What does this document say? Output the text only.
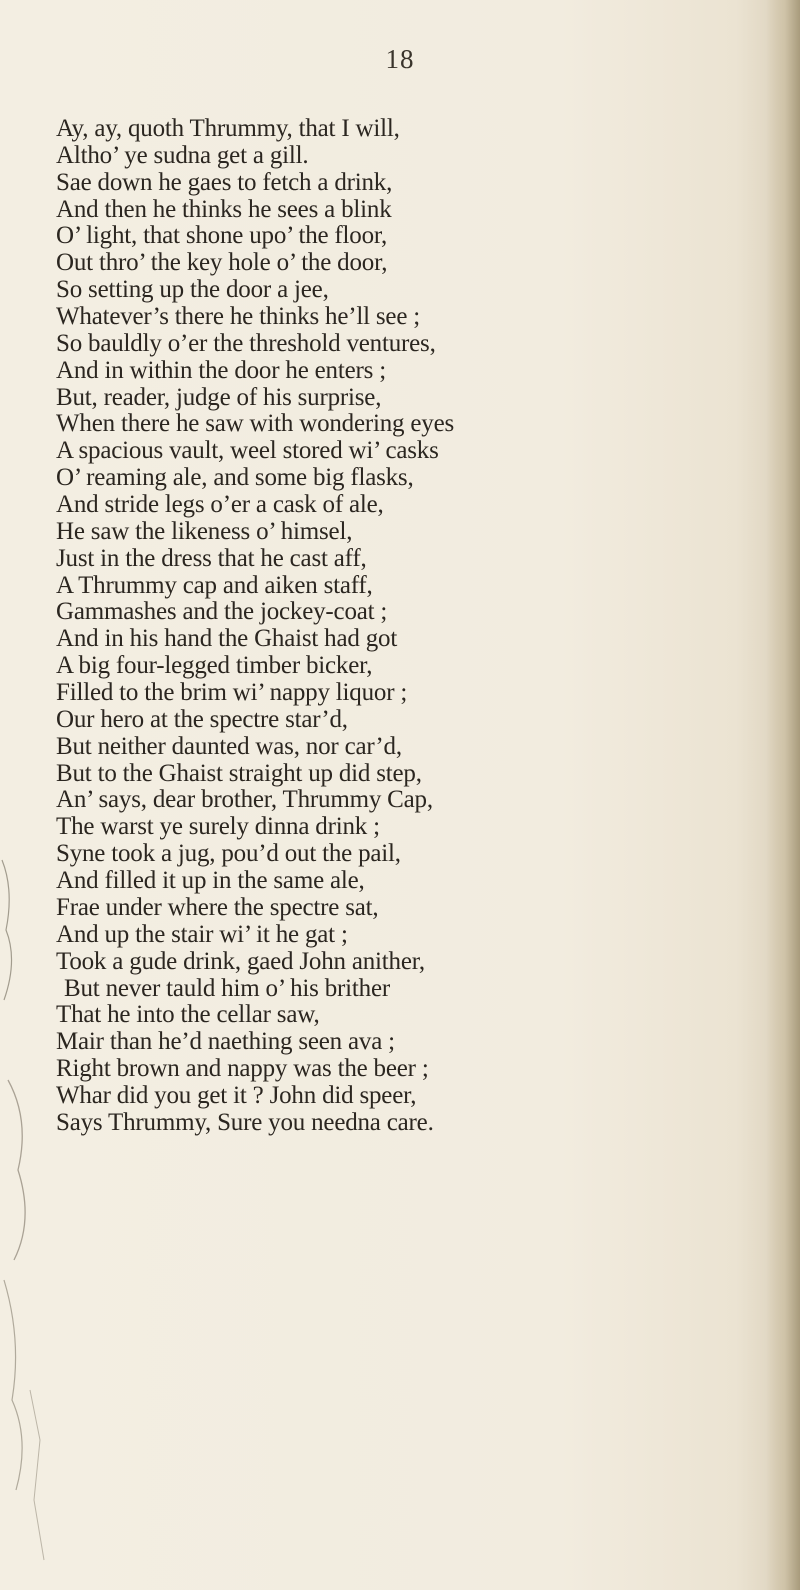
18
Ay, ay, quoth Thrummy, that I will,
Altho’ ye sudna get a gill.
Sae down he gaes to fetch a drink,
And then he thinks he sees a blink
O’ light, that shone upo’ the floor,
Out thro’ the key hole o’ the door,
So setting up the door a jee,
Whatever’s there he thinks he’ll see ;
So bauldly o’er the threshold ventures,
And in within the door he enters ;
But, reader, judge of his surprise,
When there he saw with wondering eyes
A spacious vault, weel stored wi’ casks
O’ reaming ale, and some big flasks,
And stride legs o’er a cask of ale,
He saw the likeness o’ himsel,
Just in the dress that he cast aff,
A Thrummy cap and aiken staff,
Gammashes and the jockey-coat ;
And in his hand the Ghaist had got
A big four-legged timber bicker,
Filled to the brim wi’ nappy liquor ;
Our hero at the spectre star’d,
But neither daunted was, nor car’d,
But to the Ghaist straight up did step,
An’ says, dear brother, Thrummy Cap,
The warst ye surely dinna drink ;
Syne took a jug, pou’d out the pail,
And filled it up in the same ale,
Frae under where the spectre sat,
And up the stair wi’ it he gat ;
Took a gude drink, gaed John anither,
But never tauld him o’ his brither
That he into the cellar saw,
Mair than he’d naething seen ava ;
Right brown and nappy was the beer ;
Whar did you get it ? John did speer,
Says Thrummy, Sure you needna care.
